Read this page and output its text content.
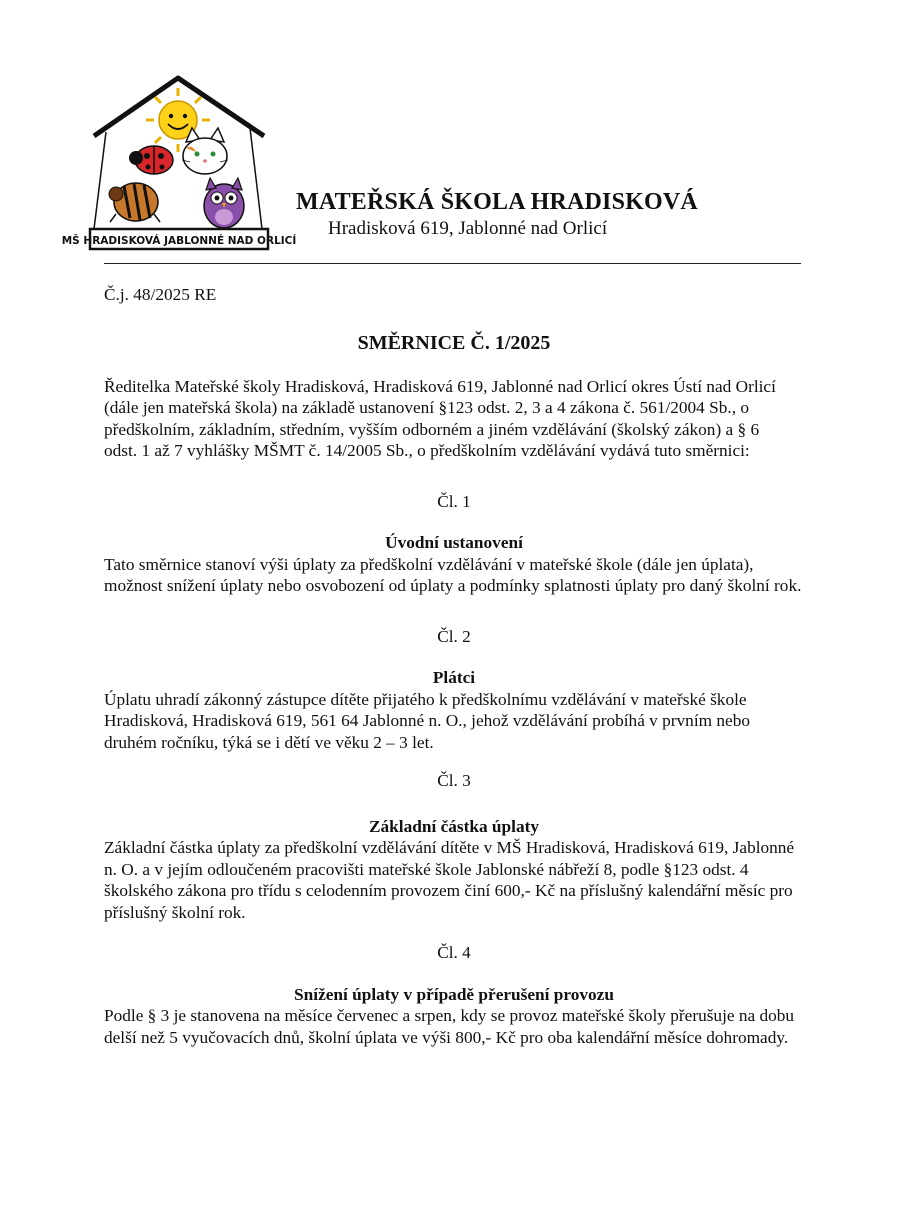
MŠ HRADISKOVÁ JABLONNÉ NAD ORLICÍ
MATEŘSKÁ ŠKOLA HRADISKOVÁ
Hradisková 619, Jablonné nad Orlicí

Č.j. 48/2025 RE

SMĚRNICE Č. 1/2025

Ředitelka Mateřské školy Hradisková, Hradisková 619, Jablonné nad Orlicí okres Ústí nad Orlicí (dále jen mateřská škola) na základě ustanovení §123 odst. 2, 3 a 4 zákona č. 561/2004 Sb., o předškolním, základním, středním, vyšším odborném a jiném vzdělávání (školský zákon) a § 6 odst. 1 až 7 vyhlášky MŠMT č. 14/2005 Sb., o předškolním vzdělávání vydává tuto směrnici:

Čl. 1

Úvodní ustanovení

Tato směrnice stanoví výši úplaty za předškolní vzdělávání v mateřské škole (dále jen úplata), možnost snížení úplaty nebo osvobození od úplaty a podmínky splatnosti úplaty pro daný školní rok.

Čl. 2

Plátci

Úplatu uhradí zákonný zástupce dítěte přijatého k předškolnímu vzdělávání v mateřské škole Hradisková, Hradisková 619, 561 64 Jablonné n. O., jehož vzdělávání probíhá v prvním nebo druhém ročníku, týká se i dětí ve věku 2 – 3 let.

Čl. 3

Základní částka úplaty

Základní částka úplaty za předškolní vzdělávání dítěte v MŠ Hradisková, Hradisková 619, Jablonné n. O. a v jejím odloučeném pracovišti mateřské škole Jablonské nábřeží 8, podle §123 odst. 4 školského zákona pro třídu s celodenním provozem činí 600,- Kč na příslušný kalendářní měsíc pro příslušný školní rok.

Čl. 4

Snížení úplaty v případě přerušení provozu

Podle § 3 je stanovena na měsíce červenec a srpen, kdy se provoz mateřské školy přerušuje na dobu delší než 5 vyučovacích dnů, školní úplata ve výši 800,- Kč pro oba kalendářní měsíce dohromady.
